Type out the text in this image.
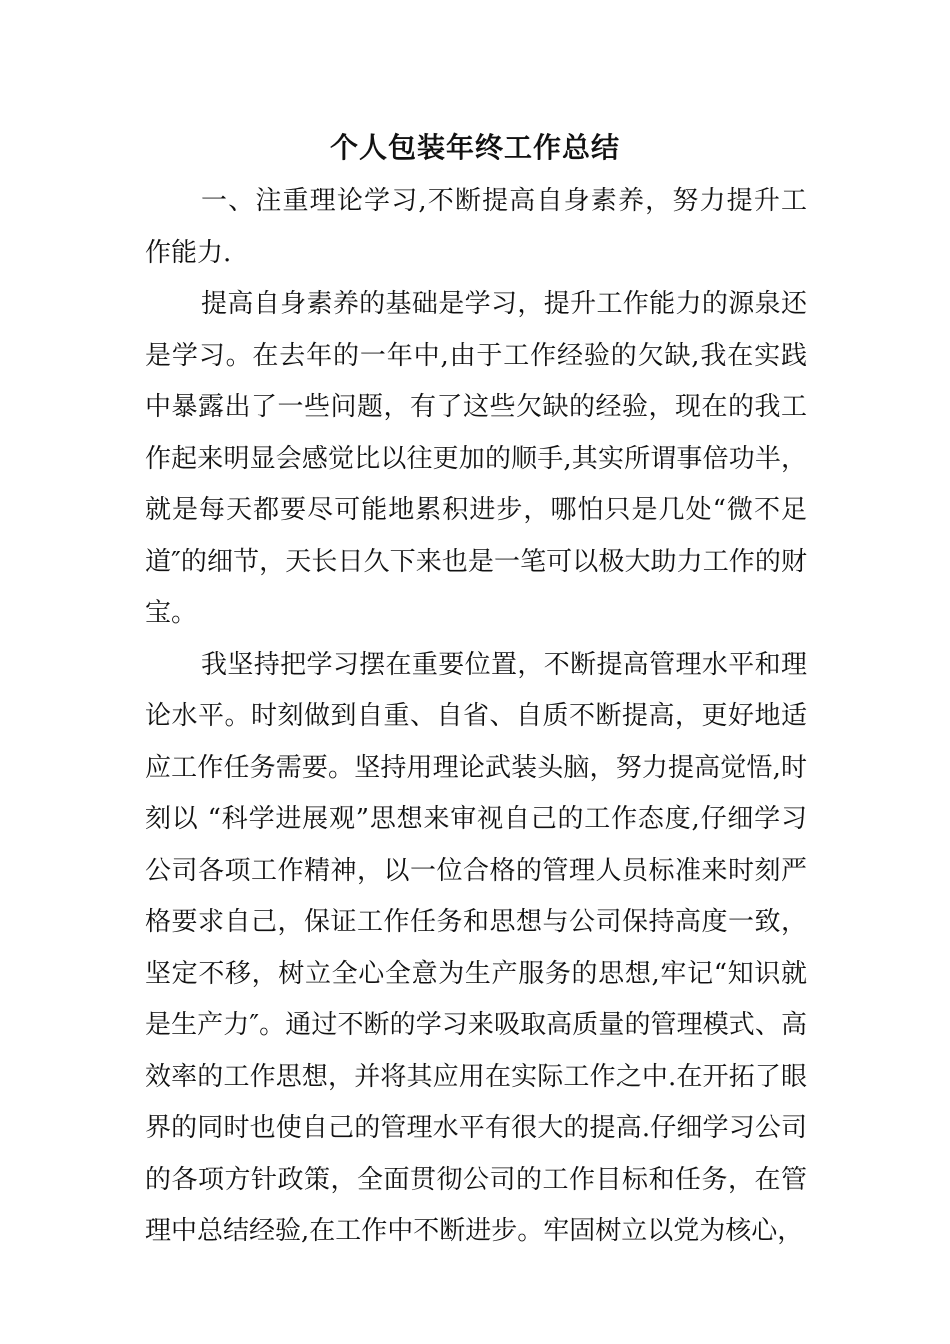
个人包装年终工作总结

一、注重理论学习,不断提高自身素养，努力提升工作能力.

提高自身素养的基础是学习，提升工作能力的源泉还是学习。在去年的一年中,由于工作经验的欠缺,我在实践中暴露出了一些问题，有了这些欠缺的经验，现在的我工作起来明显会感觉比以往更加的顺手,其实所谓事倍功半，就是每天都要尽可能地累积进步，哪怕只是几处“微不足道″的细节，天长日久下来也是一笔可以极大助力工作的财宝。

我坚持把学习摆在重要位置，不断提高管理水平和理论水平。时刻做到自重、自省、自质不断提高，更好地适应工作任务需要。坚持用理论武装头脑，努力提高觉悟,时刻以 “科学进展观”思想来审视自己的工作态度,仔细学习公司各项工作精神，以一位合格的管理人员标准来时刻严格要求自己，保证工作任务和思想与公司保持高度一致，坚定不移，树立全心全意为生产服务的思想,牢记“知识就是生产力″。通过不断的学习来吸取高质量的管理模式、高效率的工作思想，并将其应用在实际工作之中.在开拓了眼界的同时也使自己的管理水平有很大的提高.仔细学习公司的各项方针政策，全面贯彻公司的工作目标和任务，在管理中总结经验,在工作中不断进步。牢固树立以党为核心，
